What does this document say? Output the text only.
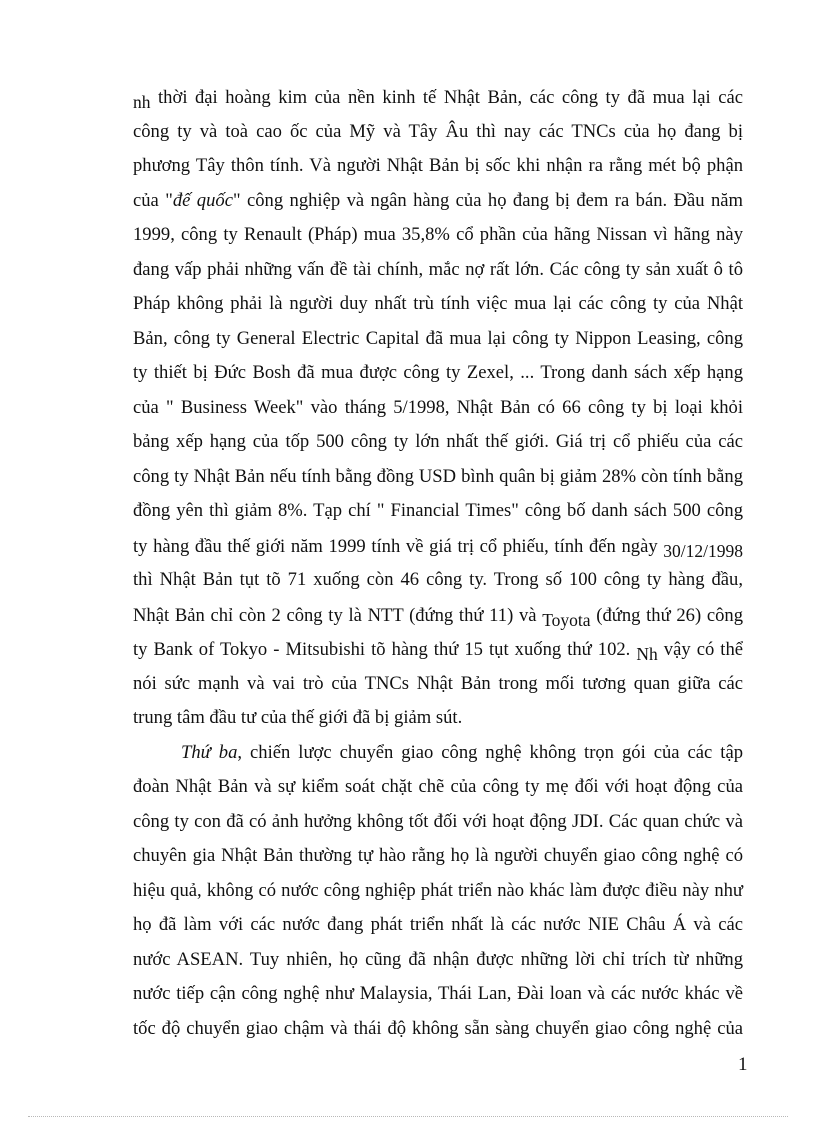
nh thời đại hoàng kim của nền kinh tế Nhật Bản, các công ty đã mua lại các
công ty và toà cao ốc của Mỹ và Tây Âu thì nay các TNCs của họ đang bị
phương Tây thôn tính. Và người Nhật Bản bị sốc khi nhận ra rằng mét bộ phận
của "đế quốc" công nghiệp và ngân hàng của họ đang bị đem ra bán. Đầu năm
1999, công ty Renault (Pháp) mua 35,8% cổ phần của hãng Nissan vì hãng này
đang vấp phải những vấn đề tài chính, mắc nợ rất lớn. Các công ty sản xuất ô tô
Pháp không phải là người duy nhất trù tính việc mua lại các công ty của Nhật
Bản, công ty General Electric Capital đã mua lại công ty Nippon Leasing, công
ty thiết bị Đức Bosh đã mua được công ty Zexel, ... Trong danh sách xếp hạng
của " Business Week" vào tháng 5/1998, Nhật Bản có 66 công ty bị loại khỏi
bảng xếp hạng của tốp 500 công ty lớn nhất thế giới. Giá trị cổ phiếu của các
công ty Nhật Bản nếu tính bằng đồng USD bình quân bị giảm 28% còn tính bằng
đồng yên thì giảm 8%. Tạp chí " Financial Times" công bố danh sách 500 công
ty hàng đầu thế giới năm 1999 tính về giá trị cổ phiếu, tính đến ngày 30/12/1998
thì Nhật Bản tụt tõ 71 xuống còn 46 công ty. Trong số 100 công ty hàng đầu,
Nhật Bản chỉ còn 2 công ty là NTT (đứng thứ 11) và Toyota (đứng thứ 26) công
ty Bank of Tokyo - Mitsubishi tõ hàng thứ 15 tụt xuống thứ 102. Nh vậy có thể
nói sức mạnh và vai trò của TNCs Nhật Bản trong mối tương quan giữa các
trung tâm đầu tư của thế giới đã bị giảm sút.
Thứ ba, chiến lược chuyển giao công nghệ không trọn gói của các tập
đoàn Nhật Bản và sự kiểm soát chặt chẽ của công ty mẹ đối với hoạt động của
công ty con đã có ảnh hưởng không tốt đối với hoạt động JDI. Các quan chức và
chuyên gia Nhật Bản thường tự hào rằng họ là người chuyển giao công nghệ có
hiệu quả, không có nước công nghiệp phát triển nào khác làm được điều này như
họ đã làm với các nước đang phát triển nhất là các nước NIE Châu Á và các
nước ASEAN. Tuy nhiên, họ cũng đã nhận được những lời chỉ trích từ những
nước tiếp cận công nghệ như Malaysia, Thái Lan, Đài loan và các nước khác về
tốc độ chuyển giao chậm và thái độ không sẵn sàng chuyển giao công nghệ của
1
